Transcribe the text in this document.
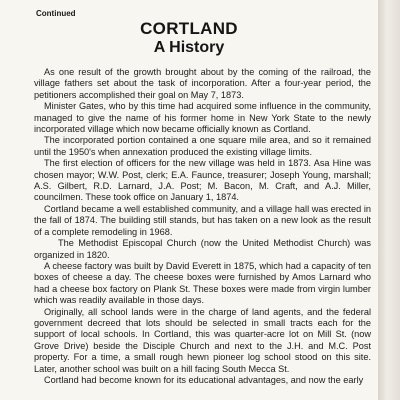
Continued
CORTLAND
A History

As one result of the growth brought about by the coming of the railroad, the village fathers set about the task of incorporation. After a four-year period, the petitioners accomplished their goal on May 7, 1873.

Minister Gates, who by this time had acquired some influence in the community, managed to give the name of his former home in New York State to the newly incorporated village which now became officially known as Cortland.

The incorporated portion contained a one square mile area, and so it remained until the 1950's when annexation produced the existing village limits.

The first election of officers for the new village was held in 1873. Asa Hine was chosen mayor; W.W. Post, clerk; E.A. Faunce, treasurer; Joseph Young, marshall; A.S. Gilbert, R.D. Larnard, J.A. Post; M. Bacon, M. Craft, and A.J. Miller, councilmen. These took office on January 1, 1874.

Cortland became a well established community, and a village hall was erected in the fall of 1874. The building still stands, but has taken on a new look as the result of a complete remodeling in 1968.

The Methodist Episcopal Church (now the United Methodist Church) was organized in 1820.

A cheese factory was built by David Everett in 1875, which had a capacity of ten boxes of cheese a day. The cheese boxes were furnished by Amos Larnard who had a cheese box factory on Plank St. These boxes were made from virgin lumber which was readily available in those days.

Originally, all school lands were in the charge of land agents, and the federal government decreed that lots should be selected in small tracts each for the support of local schools. In Cortland, this was quarter-acre lot on Mill St. (now Grove Drive) beside the Disciple Church and next to the J.H. and M.C. Post property. For a time, a small rough hewn pioneer log school stood on this site. Later, another school was built on a hill facing South Mecca St.

Cortland had become known for its educational advantages, and now the early
